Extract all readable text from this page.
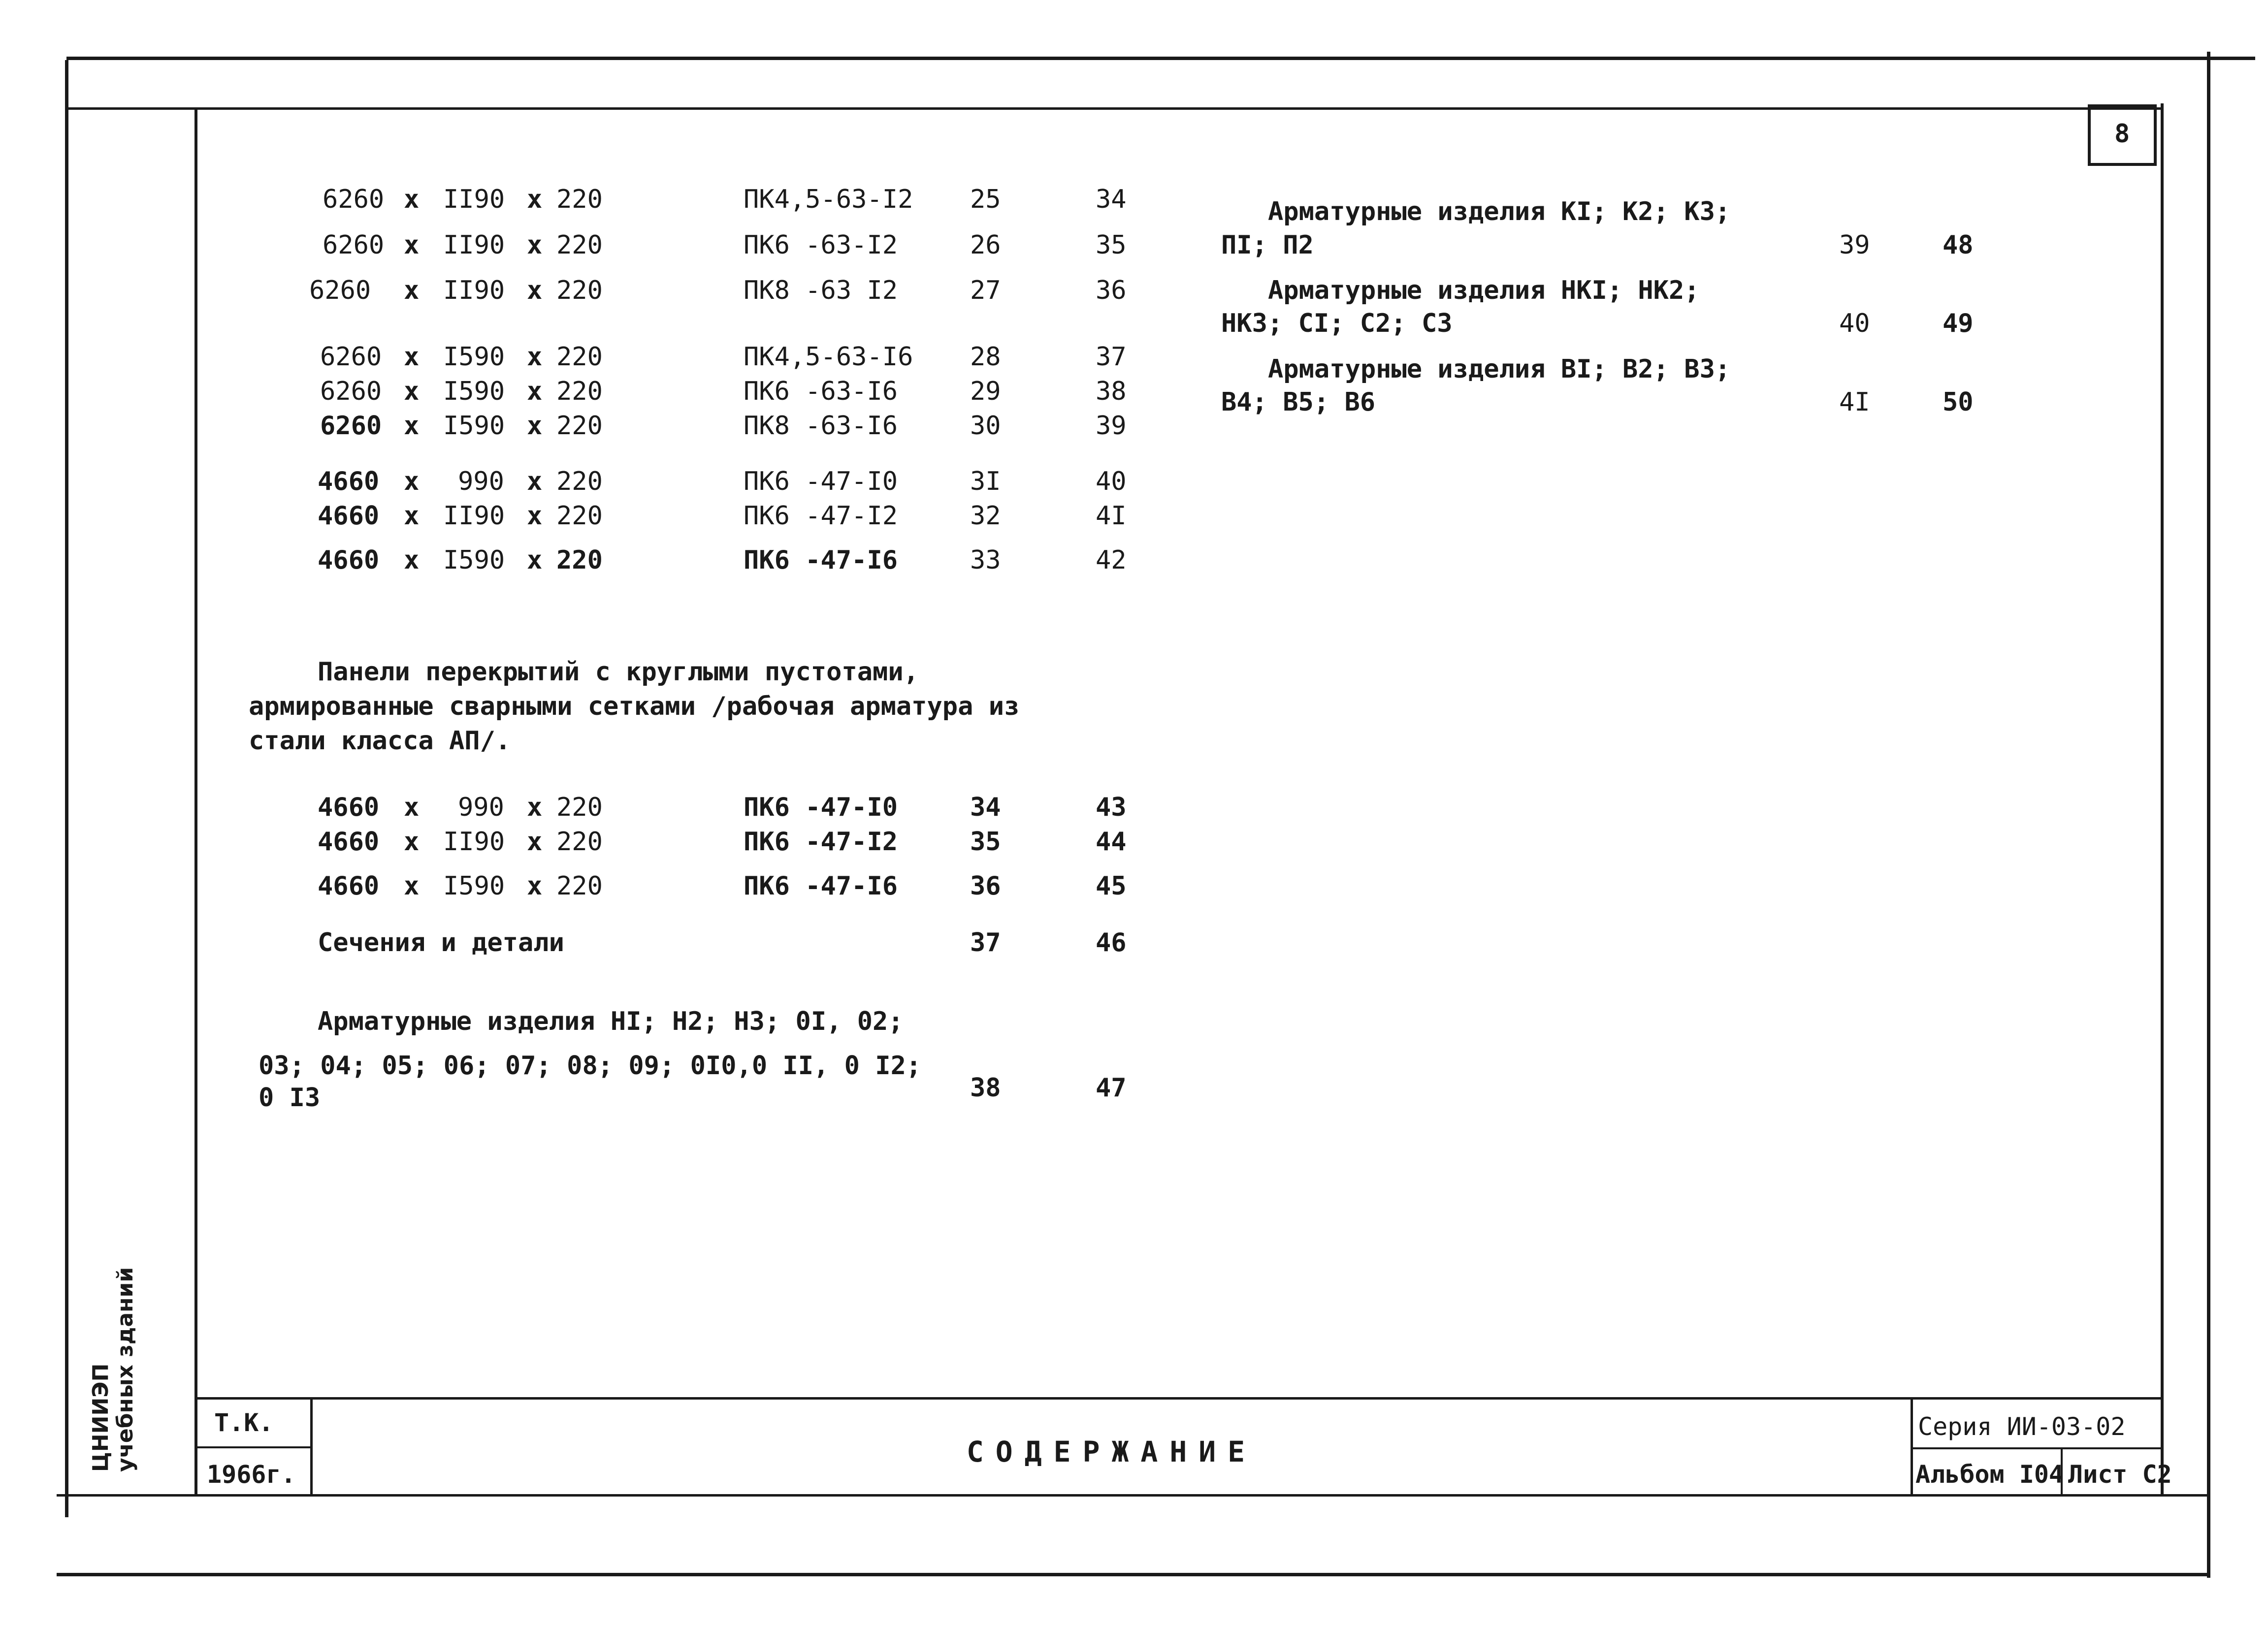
8
6260 x II90 x 220	ПК4,5-63-I2 25	34
6260 x II90 x 220	ПК6 -63-I2	26	35
6260 x II90 x 220	ПК8 -63 I2	27	36
6260 x I590 x 220	ПК4,5-63-I6 28	37
6260 x I590 x 220	ПК6 -63-I6	29	38
6260 x I590 x 220	ПК8 -63-I6	30	39
4660 x 990 x 220	ПК6 -47-I0	3I	40
4660 x II90 x 220	ПК6 -47-I2	32	4I
4660 x I590 x 220	ПК6 -47-I6	33	42
Панели перекрытий с круглыми пустотами,
армированные сварными сетками /рабочая арматура из
стали класса АП/.
4660 x 990 x 220	ПК6 -47-I0	34	43
4660 x II90 x 220	ПК6 -47-I2	35	44
4660 x I590 x 220	ПК6 -47-I6	36	45
Сечения и детали	37	46
Арматурные изделия HI; H2; H3; 0I, 02;
03; 04; 05; 06; 07; 08; 09; 0I0,0 II, 0 I2;
0 I3	38	47
Арматурные изделия KI; K2; K3;
ПI; П2	39	48
Арматурные изделия HKI; HK2;
HK3; CI; C2; C3	40	49
Арматурные изделия BI; B2; B3;
B4; B5; B6	4I	50
ЦНИИЭП учебных зданий	Т.К.
1966г.
СОДЕРЖАНИЕ
Серия ИИ-03-02
Альбом I04 Лист С2
